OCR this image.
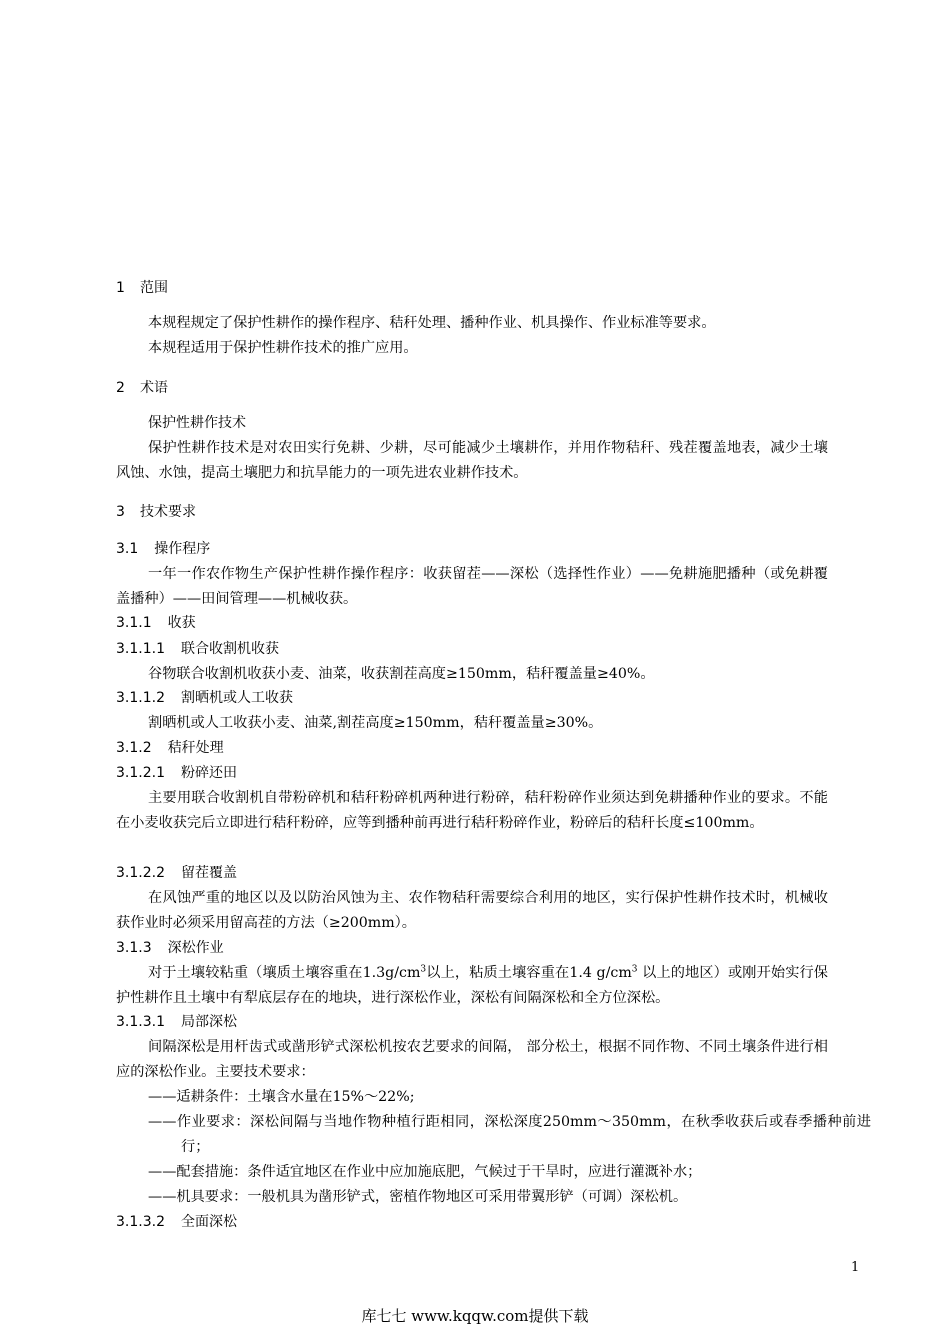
1 范围
本规程规定了保护性耕作的操作程序、秸秆处理、播种作业、机具操作、作业标准等要求。
本规程适用于保护性耕作技术的推广应用。
2 术语
保护性耕作技术
保护性耕作技术是对农田实行免耕、少耕，尽可能减少土壤耕作，并用作物秸秆、残茬覆盖地表，减少土壤风蚀、水蚀，提高土壤肥力和抗旱能力的一项先进农业耕作技术。
3 技术要求
3.1 操作程序
一年一作农作物生产保护性耕作操作程序：收获留茬——深松（选择性作业）——免耕施肥播种（或免耕覆盖播种）——田间管理——机械收获。
3.1.1 收获
3.1.1.1 联合收割机收获
谷物联合收割机收获小麦、油菜，收获割茬高度≥150mm，秸秆覆盖量≥40%。
3.1.1.2 割晒机或人工收获
割晒机或人工收获小麦、油菜,割茬高度≥150mm，秸秆覆盖量≥30%。
3.1.2 秸秆处理
3.1.2.1 粉碎还田
主要用联合收割机自带粉碎机和秸秆粉碎机两种进行粉碎，秸秆粉碎作业须达到免耕播种作业的要求。不能在小麦收获完后立即进行秸秆粉碎，应等到播种前再进行秸秆粉碎作业，粉碎后的秸秆长度≤100mm。
3.1.2.2 留茬覆盖
在风蚀严重的地区以及以防治风蚀为主、农作物秸秆需要综合利用的地区，实行保护性耕作技术时，机械收获作业时必须采用留高茬的方法（≥200mm）。
3.1.3 深松作业
对于土壤较粘重（壤质土壤容重在$1.3g/cm^3$以上，粘质土壤容重在1.4 $g/cm^3$ 以上的地区）或刚开始实行保护性耕作且土壤中有犁底层存在的地块，进行深松作业，深松有间隔深松和全方位深松。
3.1.3.1 局部深松
间隔深松是用杆齿式或凿形铲式深松机按农艺要求的间隔， 部分松土，根据不同作物、不同土壤条件进行相应的深松作业。主要技术要求：
——适耕条件：土壤含水量在15%～22%;
——作业要求：深松间隔与当地作物种植行距相同，深松深度250mm～350mm，在秋季收获后或春季播种前进行；
——配套措施：条件适宜地区在作业中应加施底肥，气候过于干旱时，应进行灌溉补水；
——机具要求：一般机具为凿形铲式，密植作物地区可采用带翼形铲（可调）深松机。
3.1.3.2 全面深松
1
库七七 www.kqqw.com提供下载
